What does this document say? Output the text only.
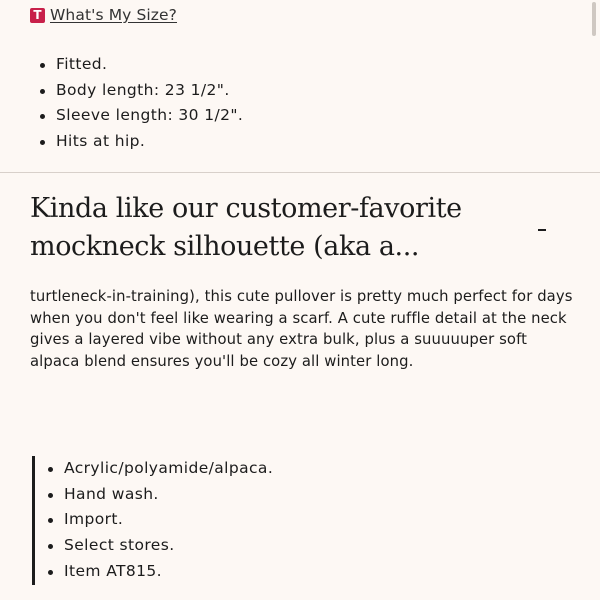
T What's My Size?
Fitted.
Body length: 23 1/2".
Sleeve length: 30 1/2".
Hits at hip.
Kinda like our customer-favorite mockneck silhouette (aka a...

turtleneck-in-training), this cute pullover is pretty much perfect for days when you don't feel like wearing a scarf. A cute ruffle detail at the neck gives a layered vibe without any extra bulk, plus a suuuuuper soft alpaca blend ensures you'll be cozy all winter long.

Acrylic/polyamide/alpaca.
Hand wash.
Import.
Select stores.
Item AT815.
